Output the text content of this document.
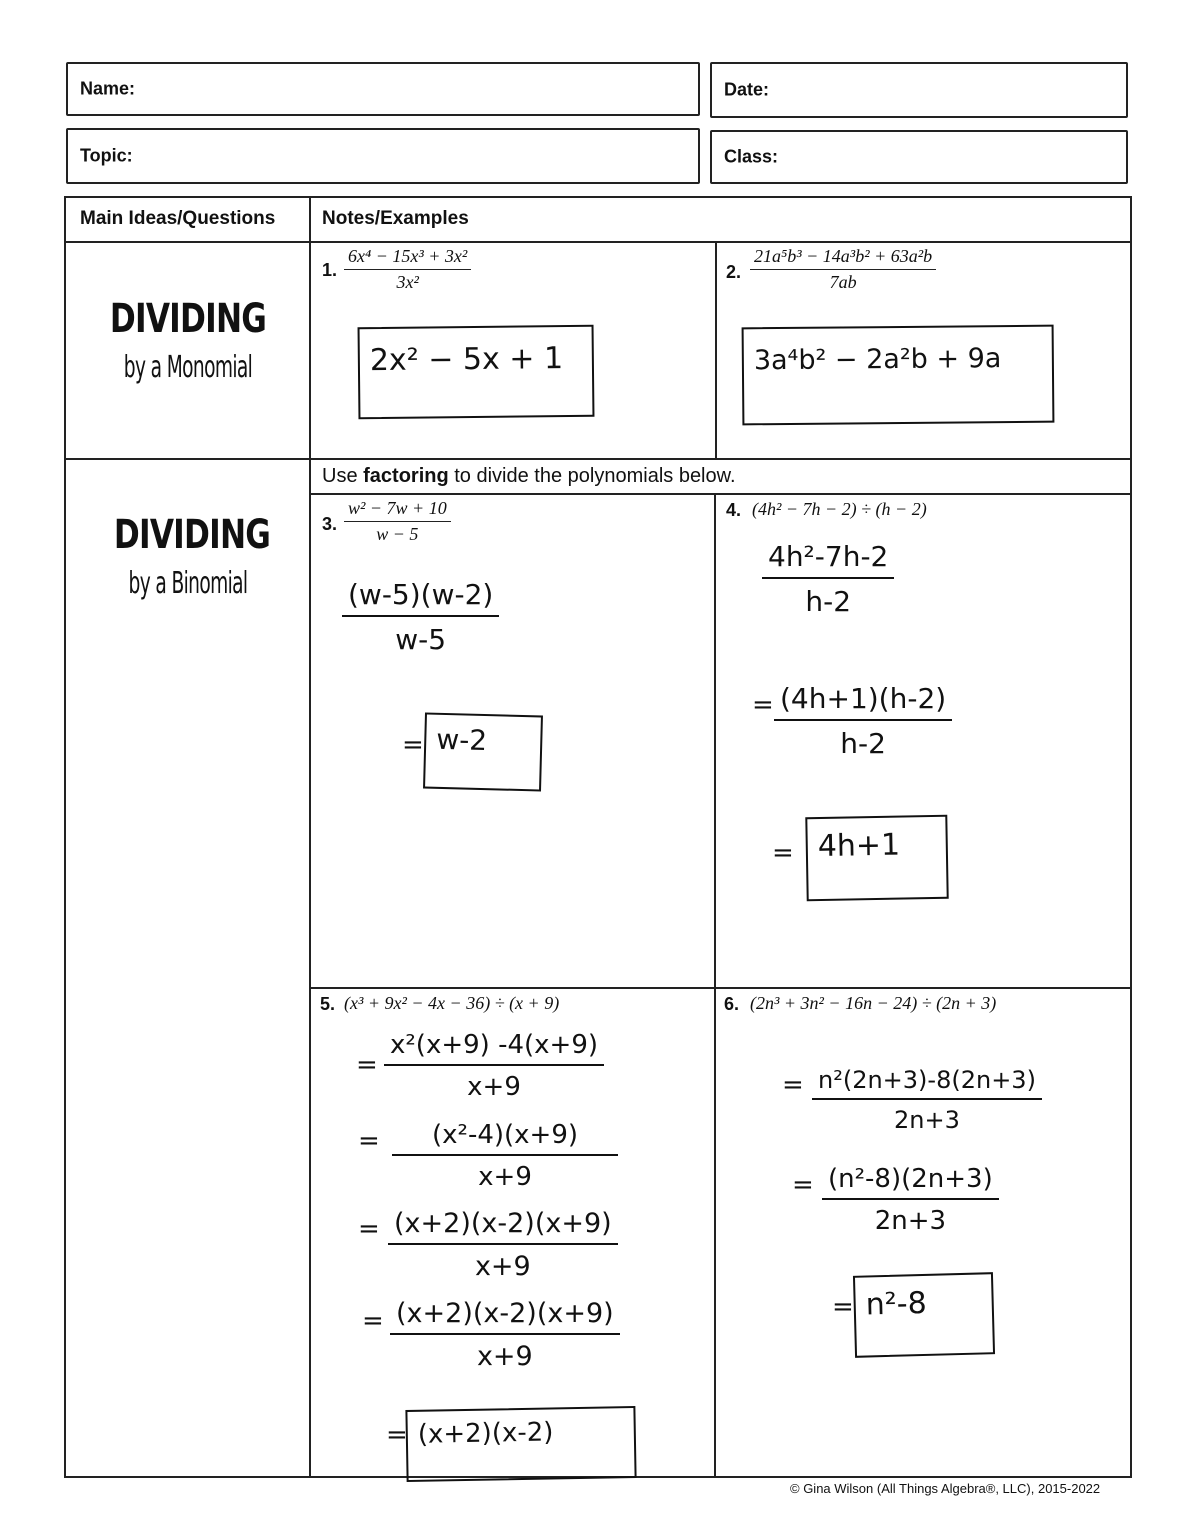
Name:	Date:
Topic:	Class:
Main Ideas/Questions Notes/Examples
DIVIDING
by a Monomial
DIVIDING
by a Binomial
1. $\frac{\text{6x⁴ − 15x³ + 3x²}}{\text{3x²}}$
2x² − 5x + 1
2. $\frac{\text{21a⁵b³ − 14a³b² + 63a²b}}{7ab}$
3a⁴b² − 2a²b + 9a
Use factoring to divide the polynomials below.
3. $\frac{\text{w² − 7w + 10}}{w - 5}$
$\frac{(w-5)(w-2)}{w-5}$
= w-2
4. (4h² − 7h − 2) ÷ (h − 2)
$\frac{\text{4h²-7h-2}}{h-2}$
= $\frac{(4h+1)(h-2)}{h-2}$
= 4h+1
5. (x³ + 9x² − 4x − 36) ÷ (x + 9)
= $\frac{\text{x²(x+9) -4(x+9)}}{x+9}$
= $\frac{\text{(x²-4)(x+9)}}{x+9}$
= $\frac{(x+2)(x-2)(x+9)}{x+9}$
= $\frac{(x+2)(x-2)(x+9)}{x+9}$
= (x+2)(x-2)
6. (2n³ + 3n² − 16n − 24) ÷ (2n + 3)
= $\frac{\text{n²(2n+3)-8(2n+3)}}{2n+3}$
= $\frac{\text{(n²-8)(2n+3)}}{2n+3}$
= n²-8
© Gina Wilson (All Things Algebra®, LLC), 2015-2022
